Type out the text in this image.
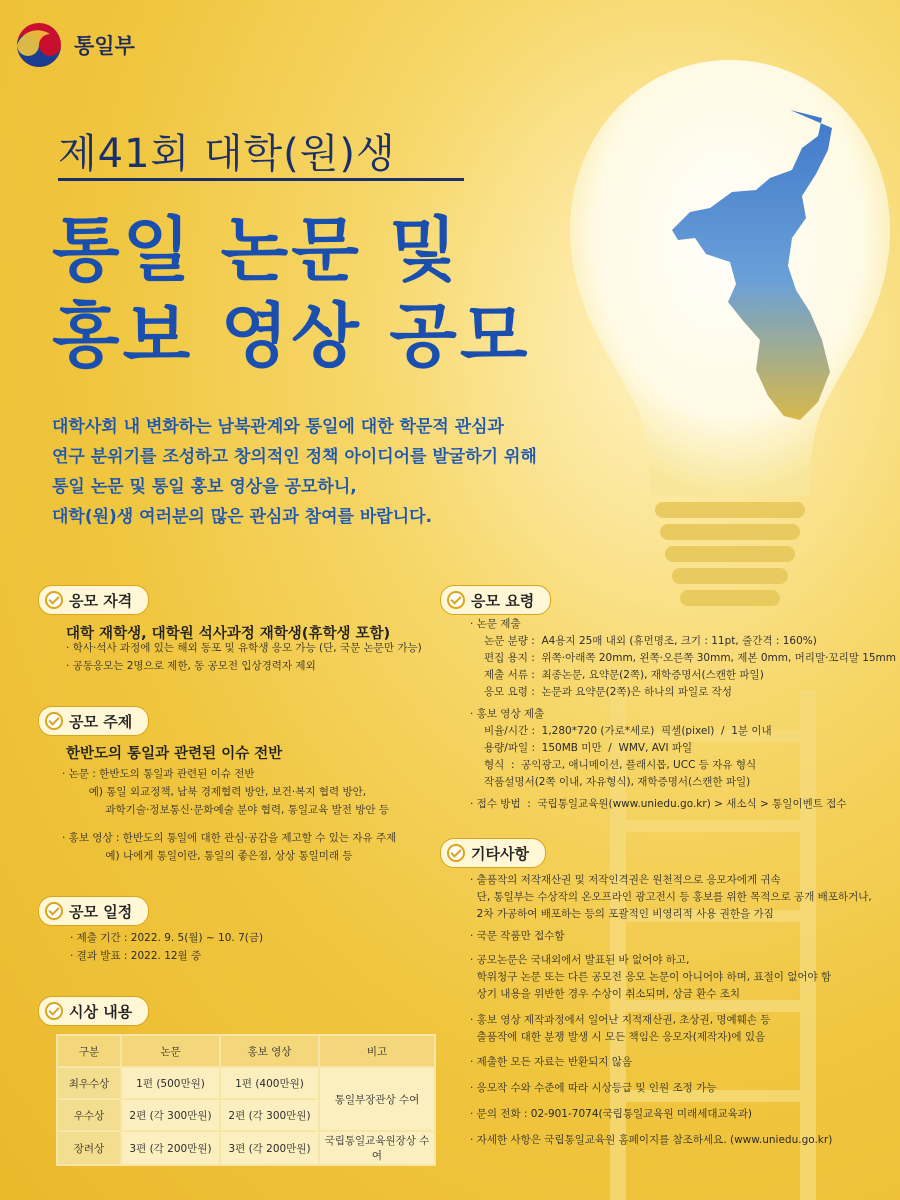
통일부
제41회 대학(원)생
통일 논문 및
홍보 영상 공모
대학사회 내 변화하는 남북관계와 통일에 대한 학문적 관심과
연구 분위기를 조성하고 창의적인 정책 아이디어를 발굴하기 위해
통일 논문 및 통일 홍보 영상을 공모하니,
대학(원)생 여러분의 많은 관심과 참여를 바랍니다.
응모 자격
대학 재학생, 대학원 석사과정 재학생(휴학생 포함)
· 학사·석사 과정에 있는 해외 동포 및 유학생 응모 가능 (단, 국문 논문만 가능)
· 공동응모는 2명으로 제한, 동 공모전 입상경력자 제외
공모 주제
한반도의 통일과 관련된 이슈 전반
· 논문 : 한반도의 통일과 관련된 이슈 전반
예) 통일 외교정책, 남북 경제협력 방안, 보건·복지 협력 방안,
과학기술·정보통신·문화예술 분야 협력, 통일교육 발전 방안 등
· 홍보 영상 : 한반도의 통일에 대한 관심·공감을 제고할 수 있는 자유 주제
예) 나에게 통일이란, 통일의 좋은점, 상상 통일미래 등
공모 일정
· 제출 기간 : 2022. 9. 5(월) ~ 10. 7(금)
· 결과 발표 : 2022. 12월 중
시상 내용
구분	논문	홍보 영상	비고
최우수상	1편 (500만원)	1편 (400만원)	통일부장관상 수여
우수상	2편 (각 300만원)	2편 (각 300만원)	
장려상	3편 (각 200만원)	3편 (각 200만원)	국립통일교육원장상 수여
응모 요령
· 논문 제출
논문 분량 :  A4용지 25매 내외 (휴먼명조, 크기 : 11pt, 줄간격 : 160%)
편집 용지 :  위쪽·아래쪽 20mm, 왼쪽·오른쪽 30mm, 제본 0mm, 머리말·꼬리말 15mm
제출 서류 :  최종논문, 요약문(2쪽), 재학증명서(스캔한 파일)
응모 요령 :  논문과 요약문(2쪽)은 하나의 파일로 작성
· 홍보 영상 제출
비율/시간 :  1,280*720 (가로*세로)  픽셀(pixel)  /  1분 이내
용량/파일 :  150MB 미만  /  WMV, AVI 파일
형식  :  공익광고, 애니메이션, 플래시몹, UCC 등 자유 형식
작품설명서(2쪽 이내, 자유형식), 재학증명서(스캔한 파일)
· 접수 방법  :  국립통일교육원(www.uniedu.go.kr) > 새소식 > 통일이벤트 접수
기타사항
· 출품작의 저작재산권 및 저작인격권은 원천적으로 응모자에게 귀속
단, 통일부는 수상작의 온오프라인 광고전시 등 홍보를 위한 목적으로 공개 배포하거나,
2차 가공하여 배포하는 등의 포괄적인 비영리적 사용 권한을 가짐
· 국문 작품만 접수함
· 공모논문은 국내외에서 발표된 바 없어야 하고,
학위청구 논문 또는 다른 공모전 응모 논문이 아니어야 하며, 표절이 없어야 함
상기 내용을 위반한 경우 수상이 취소되며, 상금 환수 조치
· 홍보 영상 제작과정에서 일어난 지적재산권, 초상권, 명예훼손 등
출품작에 대한 분쟁 발생 시 모든 책임은 응모자(제작자)에 있음
· 제출한 모든 자료는 반환되지 않음
· 응모작 수와 수준에 따라 시상등급 및 인원 조정 가능
· 문의 전화 : 02-901-7074(국립통일교육원 미래세대교육과)
· 자세한 사항은 국립통일교육원 홈페이지를 참조하세요. (www.uniedu.go.kr)
